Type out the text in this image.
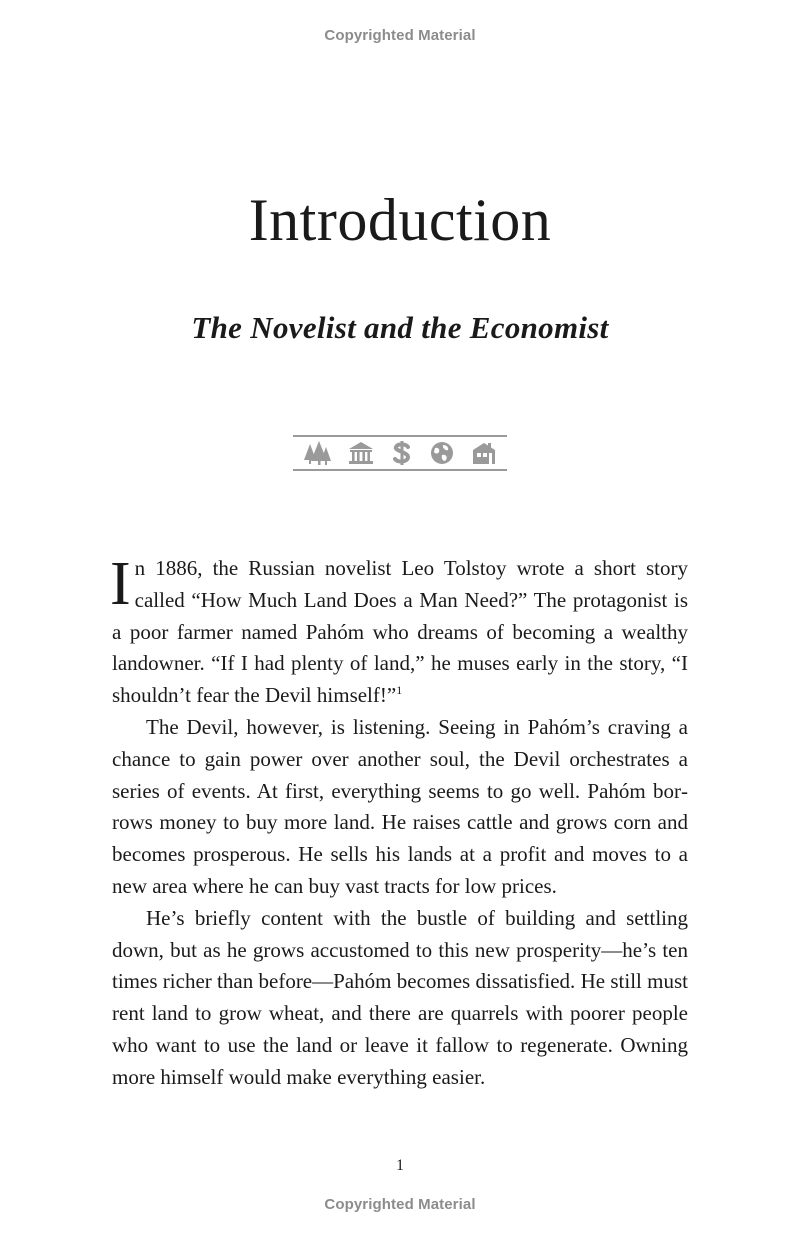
Copyrighted Material
Introduction
The Novelist and the Economist

In 1886, the Russian novelist Leo Tolstoy wrote a short story called “How Much Land Does a Man Need?” The protagonist is a poor farmer named Pahóm who dreams of becoming a wealthy landowner. “If I had plenty of land,” he muses early in the story, “I shouldn’t fear the Devil himself!”$^1$

The Devil, however, is listening. Seeing in Pahóm’s craving a chance to gain power over another soul, the Devil orchestrates a series of events. At first, everything seems to go well. Pahóm borrows money to buy more land. He raises cattle and grows corn and becomes prosperous. He sells his lands at a profit and moves to a new area where he can buy vast tracts for low prices.

He’s briefly content with the bustle of building and settling down, but as he grows accustomed to this new prosperity—he’s ten times richer than before—Pahóm becomes dissatisfied. He still must rent land to grow wheat, and there are quarrels with poorer people who want to use the land or leave it fallow to regenerate. Owning more himself would make everything easier.

1
Copyrighted Material
